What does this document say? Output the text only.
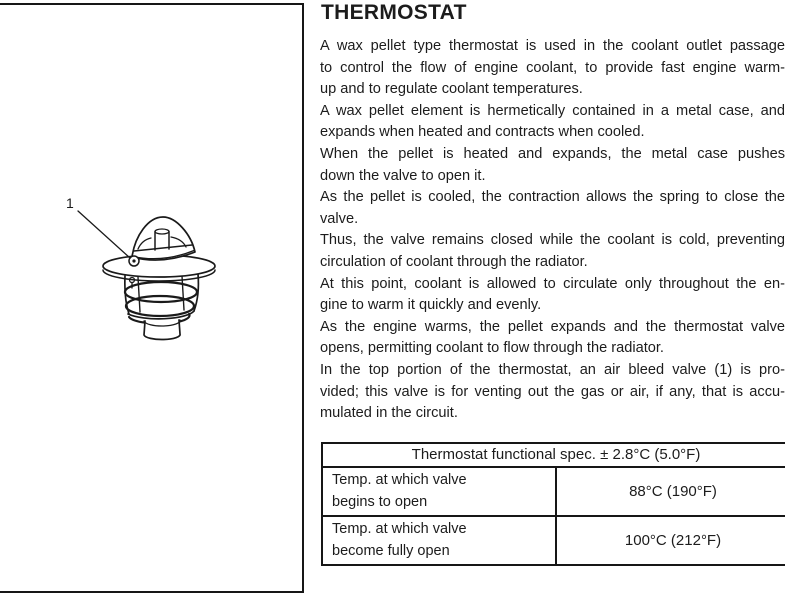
1
THERMOSTAT
A wax pellet type thermostat is used in the coolant outlet passage
to control the flow of engine coolant, to provide fast engine warm-
up and to regulate coolant temperatures.
A wax pellet element is hermetically contained in a metal case, and
expands when heated and contracts when cooled.
When the pellet is heated and expands, the metal case pushes
down the valve to open it.
As the pellet is cooled, the contraction allows the spring to close the
valve.
Thus, the valve remains closed while the coolant is cold, preventing
circulation of coolant through the radiator.
At this point, coolant is allowed to circulate only throughout the en-
gine to warm it quickly and evenly.
As the engine warms, the pellet expands and the thermostat valve
opens, permitting coolant to flow through the radiator.
In the top portion of the thermostat, an air bleed valve (1) is pro-
vided; this valve is for venting out the gas or air, if any, that is accu-
mulated in the circuit.
Thermostat functional spec. ± 2.8°C (5.0°F)	

Temp. at which valve
begins to open	88°C (190°F)

Temp. at which valve
become fully open	100°C (212°F)
